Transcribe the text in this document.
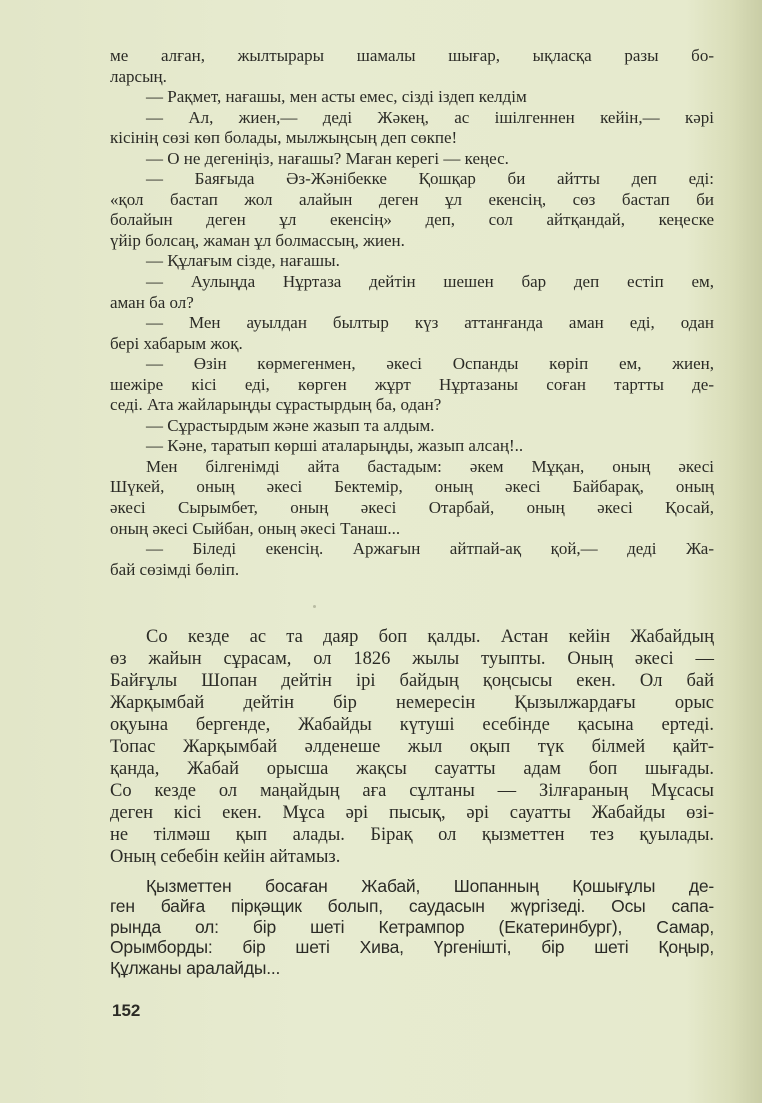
ме алған, жылтырары шамалы шығар, ықласқа разы бо-
ларсың.
— Рақмет, нағашы, мен асты емес, сізді іздеп келдім
— Ал, жиен,— деді Жәкең, ас ішілгеннен кейін,— кәрі
кісінің сөзі көп болады, мылжыңсың деп сөкпе!
— О не дегеніңіз, нағашы? Маған керегі — кеңес.
— Баяғыда Әз-Жәнібекке Қошқар би айтты деп еді:
«қол бастап жол алайын деген ұл екенсің, сөз бастап би
болайын деген ұл екенсің» деп, сол айтқандай, кеңеске
үйір болсаң, жаман ұл болмассың, жиен.
— Құлағым сізде, нағашы.
— Аулыңда Нұртаза дейтін шешен бар деп естіп ем,
аман ба ол?
— Мен ауылдан былтыр күз аттанғанда аман еді, одан
бері хабарым жоқ.
— Өзін көрмегенмен, әкесі Оспанды көріп ем, жиен,
шежіре кісі еді, көрген жұрт Нұртазаны соған тартты де-
седі. Ата жайларыңды сұрастырдың ба, одан?
— Сұрастырдым және жазып та алдым.
— Кәне, таратып көрші аталарыңды, жазып алсаң!..
Мен білгенімді айта бастадым: әкем Мұқан, оның әкесі
Шүкей, оның әкесі Бектемір, оның әкесі Байбарақ, оның
әкесі Сырымбет, оның әкесі Отарбай, оның әкесі Қосай,
оның әкесі Сыйбан, оның әкесі Танаш...
— Біледі екенсің. Аржағын айтпай-ақ қой,— деді Жа-
бай сөзімді бөліп.
Со кезде ас та даяр боп қалды. Астан кейін Жабайдың
өз жайын сұрасам, ол 1826 жылы туыпты. Оның әкесі —
Байғұлы Шопан дейтін ірі байдың қоңсысы екен. Ол бай
Жарқымбай дейтін бір немересін Қызылжардағы орыс
оқуына бергенде, Жабайды күтуші есебінде қасына ертеді.
Топас Жарқымбай әлденеше жыл оқып түк білмей қайт-
қанда, Жабай орысша жақсы сауатты адам боп шығады.
Со кезде ол маңайдың аға сұлтаны — Зілғараның Мұсасы
деген кісі екен. Мұса әрі пысық, әрі сауатты Жабайды өзі-
не тілмәш қып алады. Бірақ ол қызметтен тез қуылады.
Оның себебін кейін айтамыз.
Қызметтен босаған Жабай, Шопанның Қошығұлы де-
ген байға пірқәщик болып, саудасын жүргізеді. Осы сапа-
рында ол: бір шеті Кетрампор (Екатеринбург), Самар,
Орымборды: бір шеті Хива, Үргенішті, бір шеті Қоңыр,
Құлжаны аралайды...
152
